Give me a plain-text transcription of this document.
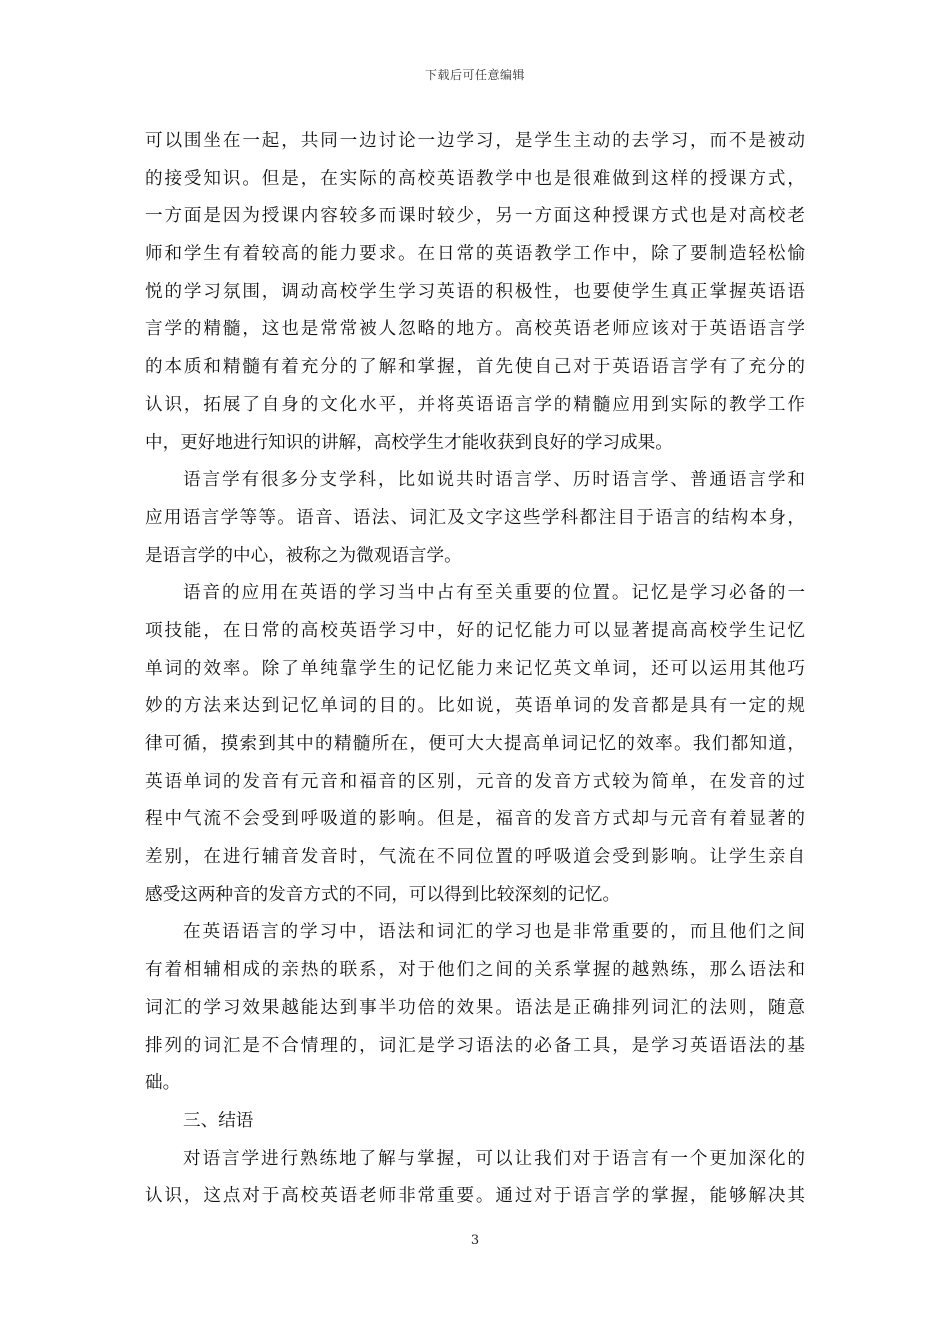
下载后可任意编辑
可以围坐在一起，共同一边讨论一边学习，是学生主动的去学习，而不是被动
的接受知识。但是，在实际的高校英语教学中也是很难做到这样的授课方式，
一方面是因为授课内容较多而课时较少，另一方面这种授课方式也是对高校老
师和学生有着较高的能力要求。在日常的英语教学工作中，除了要制造轻松愉
悦的学习氛围，调动高校学生学习英语的积极性，也要使学生真正掌握英语语
言学的精髓，这也是常常被人忽略的地方。高校英语老师应该对于英语语言学
的本质和精髓有着充分的了解和掌握，首先使自己对于英语语言学有了充分的
认识，拓展了自身的文化水平，并将英语语言学的精髓应用到实际的教学工作
中，更好地进行知识的讲解，高校学生才能收获到良好的学习成果。
语言学有很多分支学科，比如说共时语言学、历时语言学、普通语言学和
应用语言学等等。语音、语法、词汇及文字这些学科都注目于语言的结构本身，
是语言学的中心，被称之为微观语言学。
语音的应用在英语的学习当中占有至关重要的位置。记忆是学习必备的一
项技能，在日常的高校英语学习中，好的记忆能力可以显著提高高校学生记忆
单词的效率。除了单纯靠学生的记忆能力来记忆英文单词，还可以运用其他巧
妙的方法来达到记忆单词的目的。比如说，英语单词的发音都是具有一定的规
律可循，摸索到其中的精髓所在，便可大大提高单词记忆的效率。我们都知道，
英语单词的发音有元音和福音的区别，元音的发音方式较为简单，在发音的过
程中气流不会受到呼吸道的影响。但是，福音的发音方式却与元音有着显著的
差别，在进行辅音发音时，气流在不同位置的呼吸道会受到影响。让学生亲自
感受这两种音的发音方式的不同，可以得到比较深刻的记忆。
在英语语言的学习中，语法和词汇的学习也是非常重要的，而且他们之间
有着相辅相成的亲热的联系，对于他们之间的关系掌握的越熟练，那么语法和
词汇的学习效果越能达到事半功倍的效果。语法是正确排列词汇的法则，随意
排列的词汇是不合情理的，词汇是学习语法的必备工具，是学习英语语法的基
础。
三、结语
对语言学进行熟练地了解与掌握，可以让我们对于语言有一个更加深化的
认识，这点对于高校英语老师非常重要。通过对于语言学的掌握，能够解决其
3
